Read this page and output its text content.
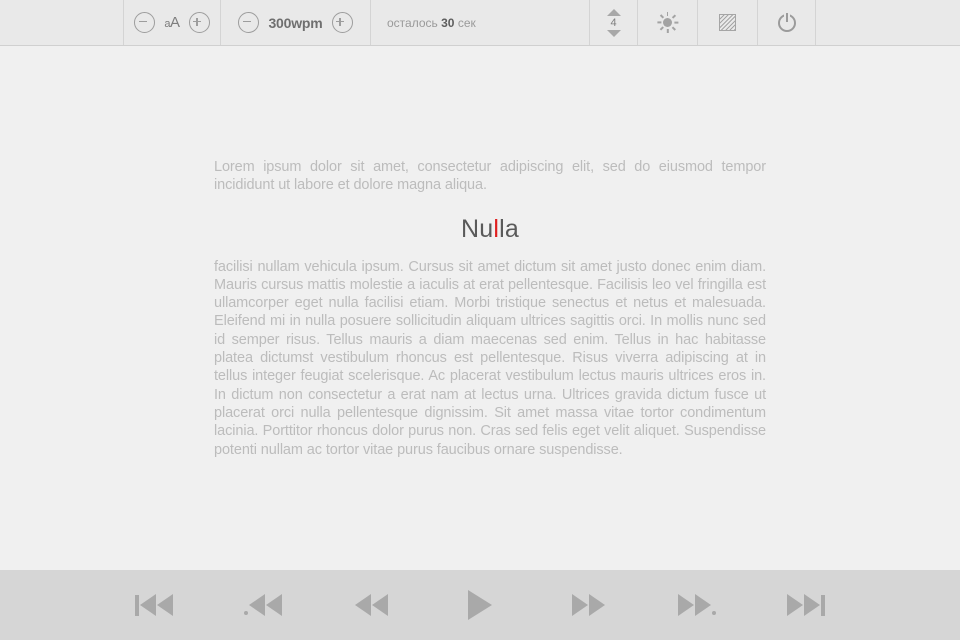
aA	300wpm	осталось 30 сек	4

Lorem ipsum dolor sit amet, consectetur adipiscing elit, sed do eiusmod tempor incididunt ut labore et dolore magna aliqua.

Nulla

facilisi nullam vehicula ipsum. Cursus sit amet dictum sit amet justo donec enim diam. Mauris cursus mattis molestie a iaculis at erat pellentesque. Facilisis leo vel fringilla est ullamcorper eget nulla facilisi etiam. Morbi tristique senectus et netus et malesuada. Eleifend mi in nulla posuere sollicitudin aliquam ultrices sagittis orci. In mollis nunc sed id semper risus. Tellus mauris a diam maecenas sed enim. Tellus in hac habitasse platea dictumst vestibulum rhoncus est pellentesque. Risus viverra adipiscing at in tellus integer feugiat scelerisque. Ac placerat vestibulum lectus mauris ultrices eros in. In dictum non consectetur a erat nam at lectus urna. Ultrices gravida dictum fusce ut placerat orci nulla pellentesque dignissim. Sit amet massa vitae tortor condimentum lacinia. Porttitor rhoncus dolor purus non. Cras sed felis eget velit aliquet. Suspendisse potenti nullam ac tortor vitae purus faucibus ornare suspendisse.
